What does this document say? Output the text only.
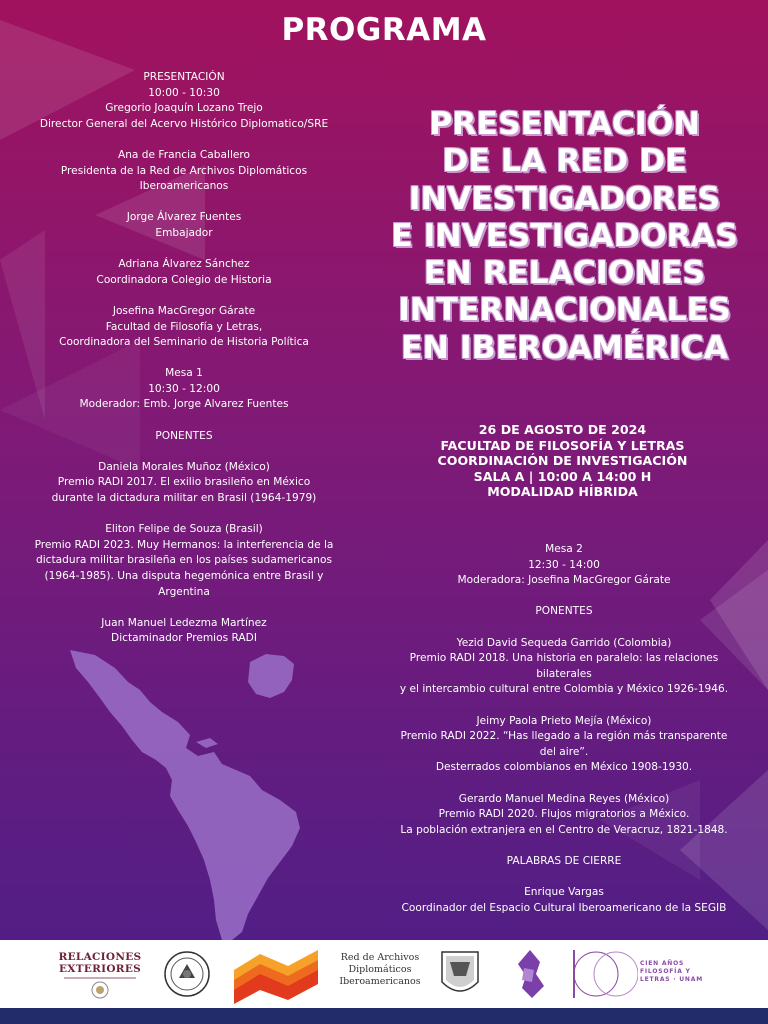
PROGRAMA

PRESENTACIÓN

10:00 - 10:30

Gregorio Joaquín Lozano Trejo

Director General del Acervo Histórico Diplomatico/SRE

Ana de Francia Caballero

Presidenta de la Red de Archivos Diplomáticos

Iberoamericanos

Jorge Álvarez Fuentes

Embajador

Adriana Álvarez Sánchez

Coordinadora Colegio de Historia

Josefina MacGregor Gárate

Facultad de Filosofía y Letras,

Coordinadora del Seminario de Historia Política

Mesa 1

10:30 - 12:00

Moderador: Emb. Jorge Alvarez Fuentes

PONENTES

Daniela Morales Muñoz (México)

Premio RADI 2017. El exilio brasileño en México

durante la dictadura militar en Brasil (1964-1979)

Eliton Felipe de Souza (Brasil)

Premio RADI 2023. Muy Hermanos: la interferencia de la

dictadura militar brasileña en los países sudamericanos

(1964-1985). Una disputa hegemónica entre Brasil y

Argentina

Juan Manuel Ledezma Martínez

Dictaminador Premios RADI

PRESENTACIÓN

DE LA RED DE

INVESTIGADORES

E INVESTIGADORAS

EN RELACIONES

INTERNACIONALES

EN IBEROAMÉRICA

26 DE AGOSTO DE 2024

FACULTAD DE FILOSOFÍA Y LETRAS

COORDINACIÓN DE INVESTIGACIÓN

SALA A | 10:00 A 14:00 H

MODALIDAD HÍBRIDA

Mesa 2

12:30 - 14:00

Moderadora: Josefina MacGregor Gárate

PONENTES

Yezid David Sequeda Garrido (Colombia)

Premio RADI 2018. Una historia en paralelo: las relaciones

bilaterales

y el intercambio cultural entre Colombia y México 1926-1946.

Jeimy Paola Prieto Mejía (México)

Premio RADI 2022. “Has llegado a la región más transparente

del aire”.

Desterrados colombianos en México 1908-1930.

Gerardo Manuel Medina Reyes (México)

Premio RADI 2020. Flujos migratorios a México.

La población extranjera en el Centro de Veracruz, 1821-1848.

PALABRAS DE CIERRE

Enrique Vargas

Coordinador del Espacio Cultural Iberoamericano de la SEGIB

RELACIONES
EXTERIORES
Red de Archivos
Diplomáticos
Iberoamericanos
CIEN AÑOS
FILOSOFÍA Y
LETRAS · UNAM
